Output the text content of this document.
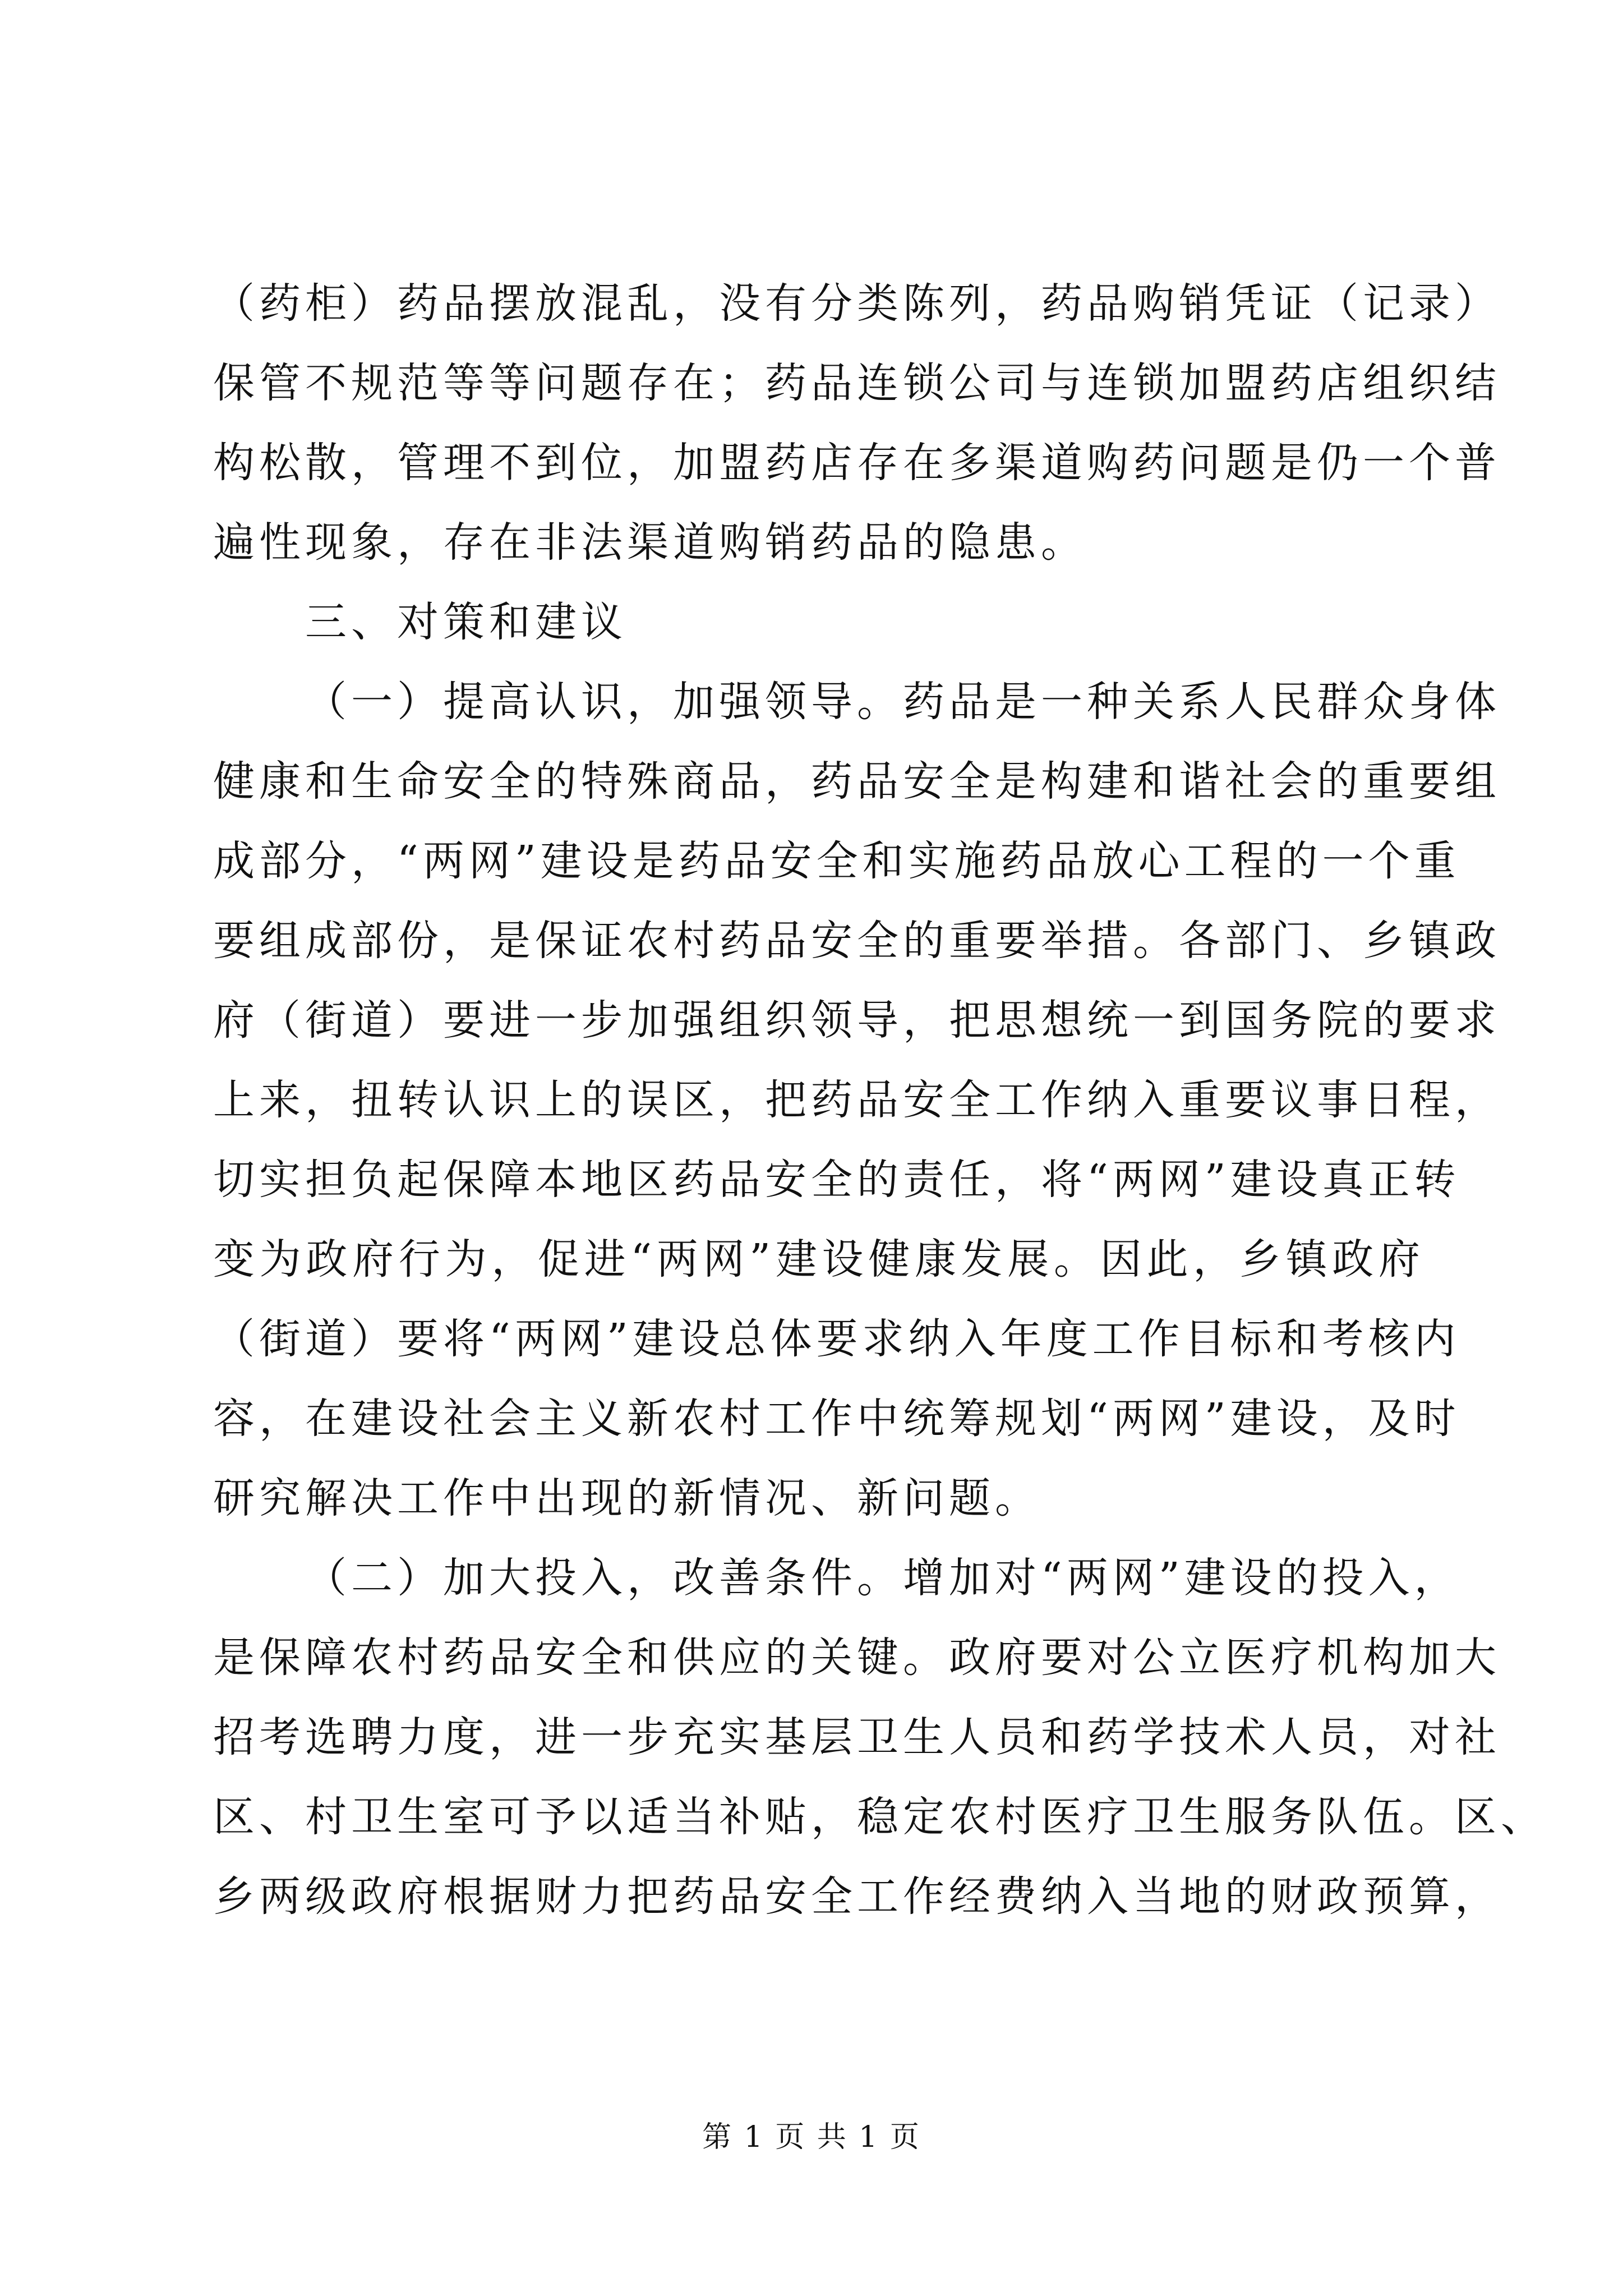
（药柜）药品摆放混乱，没有分类陈列，药品购销凭证（记录）
保管不规范等等问题存在；药品连锁公司与连锁加盟药店组织结
构松散，管理不到位，加盟药店存在多渠道购药问题是仍一个普
遍性现象，存在非法渠道购销药品的隐患。
三、对策和建议
（一）提高认识，加强领导。药品是一种关系人民群众身体
健康和生命安全的特殊商品，药品安全是构建和谐社会的重要组
成部分，“两网”建设是药品安全和实施药品放心工程的一个重
要组成部份，是保证农村药品安全的重要举措。各部门、乡镇政
府（街道）要进一步加强组织领导，把思想统一到国务院的要求
上来，扭转认识上的误区，把药品安全工作纳入重要议事日程，
切实担负起保障本地区药品安全的责任，将“两网”建设真正转
变为政府行为，促进“两网”建设健康发展。因此，乡镇政府
（街道）要将“两网”建设总体要求纳入年度工作目标和考核内
容，在建设社会主义新农村工作中统筹规划“两网”建设，及时
研究解决工作中出现的新情况、新问题。
（二）加大投入，改善条件。增加对“两网”建设的投入，
是保障农村药品安全和供应的关键。政府要对公立医疗机构加大
招考选聘力度，进一步充实基层卫生人员和药学技术人员，对社
区、村卫生室可予以适当补贴，稳定农村医疗卫生服务队伍。区、
乡两级政府根据财力把药品安全工作经费纳入当地的财政预算，
第 1 页 共 1 页
